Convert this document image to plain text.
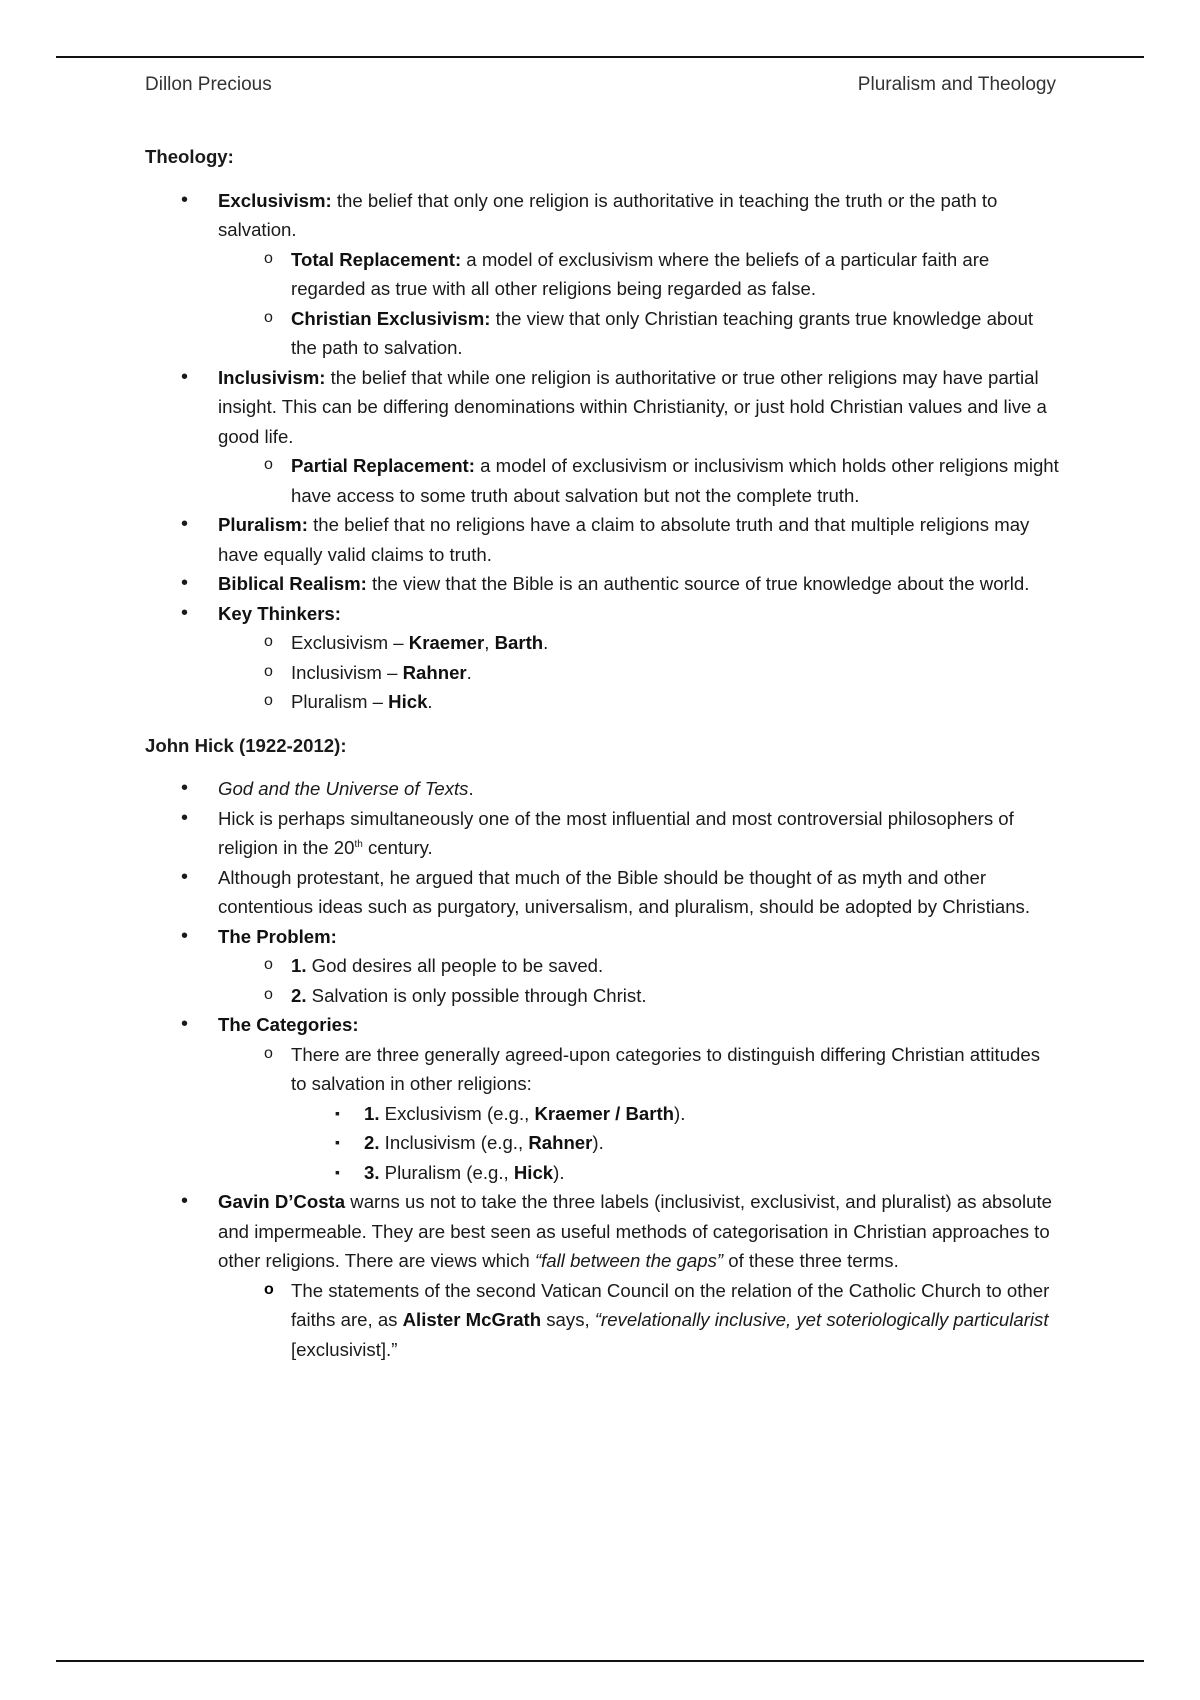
Dillon Precious	Pluralism and Theology
Theology:
• Exclusivism: the belief that only one religion is authoritative in teaching the truth or the path to salvation.
o Total Replacement: a model of exclusivism where the beliefs of a particular faith are regarded as true with all other religions being regarded as false.
o Christian Exclusivism: the view that only Christian teaching grants true knowledge about the path to salvation.
• Inclusivism: the belief that while one religion is authoritative or true other religions may have partial insight. This can be differing denominations within Christianity, or just hold Christian values and live a good life.
o Partial Replacement: a model of exclusivism or inclusivism which holds other religions might have access to some truth about salvation but not the complete truth.
• Pluralism: the belief that no religions have a claim to absolute truth and that multiple religions may have equally valid claims to truth.
• Biblical Realism: the view that the Bible is an authentic source of true knowledge about the world.
• Key Thinkers:
o Exclusivism – Kraemer, Barth.
o Inclusivism – Rahner.
o Pluralism – Hick.
John Hick (1922-2012):
• God and the Universe of Texts.
• Hick is perhaps simultaneously one of the most influential and most controversial philosophers of religion in the 20th century.
• Although protestant, he argued that much of the Bible should be thought of as myth and other contentious ideas such as purgatory, universalism, and pluralism, should be adopted by Christians.
• The Problem:
o 1. God desires all people to be saved.
o 2. Salvation is only possible through Christ.
• The Categories:
o There are three generally agreed-upon categories to distinguish differing Christian attitudes to salvation in other religions:
▪ 1. Exclusivism (e.g., Kraemer / Barth).
▪ 2. Inclusivism (e.g., Rahner).
▪ 3. Pluralism (e.g., Hick).
• Gavin D’Costa warns us not to take the three labels (inclusivist, exclusivist, and pluralist) as absolute and impermeable. They are best seen as useful methods of categorisation in Christian approaches to other religions. There are views which “fall between the gaps” of these three terms.
o The statements of the second Vatican Council on the relation of the Catholic Church to other faiths are, as Alister McGrath says, “revelationally inclusive, yet soteriologically particularist [exclusivist].”
